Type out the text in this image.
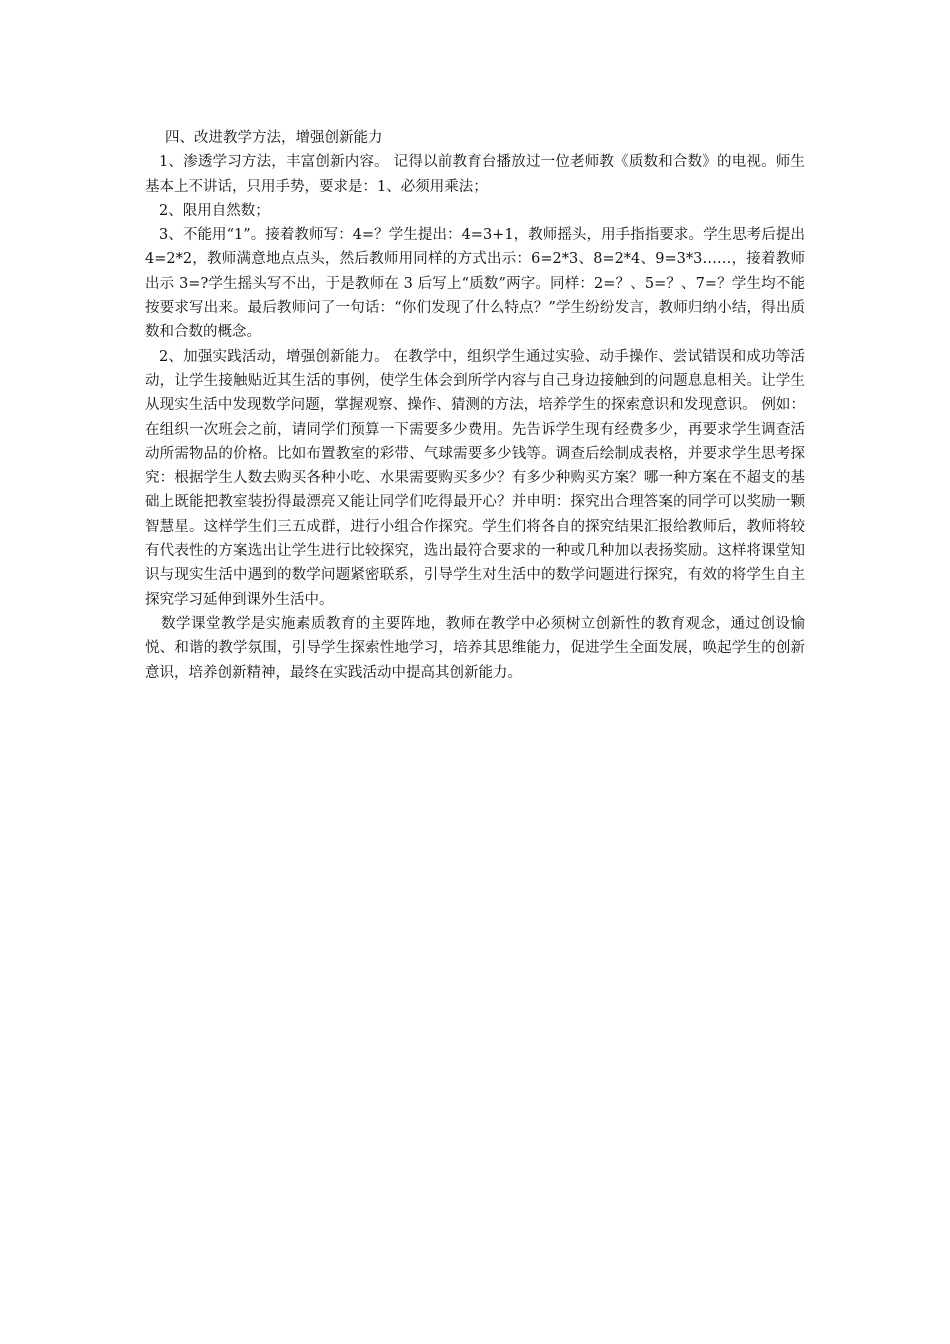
四、改进教学方法，增强创新能力

1、渗透学习方法，丰富创新内容。 记得以前教育台播放过一位老师教《质数和合数》的电视。师生基本上不讲话，只用手势，要求是：1、必须用乘法；

2、限用自然数；

3、不能用“1”。接着教师写：4=？学生提出：4=3+1，教师摇头，用手指指要求。学生思考后提出 4=2*2，教师满意地点点头，然后教师用同样的方式出示：6=2*3、8=2*4、9=3*3……，接着教师出示 3=?学生摇头写不出，于是教师在 3 后写上“质数”两字。同样：2=？、5=？、7=？学生均不能按要求写出来。最后教师问了一句话：“你们发现了什么特点？”学生纷纷发言，教师归纳小结，得出质数和合数的概念。

2、加强实践活动，增强创新能力。 在教学中，组织学生通过实验、动手操作、尝试错误和成功等活动，让学生接触贴近其生活的事例，使学生体会到所学内容与自己身边接触到的问题息息相关。让学生从现实生活中发现数学问题，掌握观察、操作、猜测的方法，培养学生的探索意识和发现意识。 例如：在组织一次班会之前，请同学们预算一下需要多少费用。先告诉学生现有经费多少，再要求学生调查活动所需物品的价格。比如布置教室的彩带、气球需要多少钱等。调查后绘制成表格，并要求学生思考探究：根据学生人数去购买各种小吃、水果需要购买多少？有多少种购买方案？哪一种方案在不超支的基础上既能把教室装扮得最漂亮又能让同学们吃得最开心？并申明：探究出合理答案的同学可以奖励一颗智慧星。这样学生们三五成群，进行小组合作探究。学生们将各自的探究结果汇报给教师后，教师将较有代表性的方案选出让学生进行比较探究，选出最符合要求的一种或几种加以表扬奖励。这样将课堂知识与现实生活中遇到的数学问题紧密联系，引导学生对生活中的数学问题进行探究，有效的将学生自主探究学习延伸到课外生活中。

数学课堂教学是实施素质教育的主要阵地，教师在教学中必须树立创新性的教育观念，通过创设愉悦、和谐的教学氛围，引导学生探索性地学习，培养其思维能力，促进学生全面发展，唤起学生的创新意识，培养创新精神，最终在实践活动中提高其创新能力。
